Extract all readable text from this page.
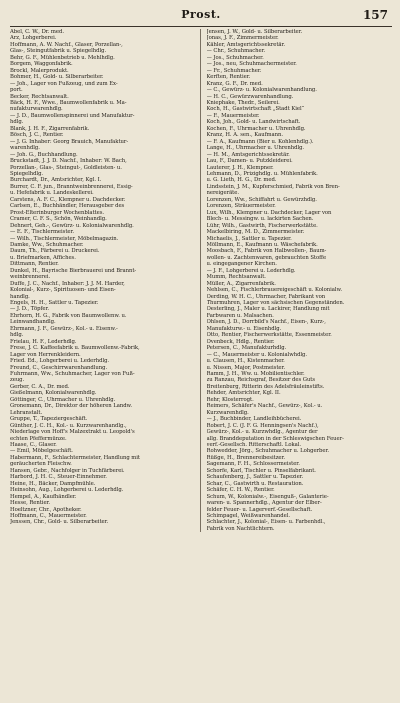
Prost.	157
Abel, C. W., Dr. med.
Arz, Lohgerberei.
Hoffmann, A. W. Nachf., Glaser, Porzellan-,
Glas-, Steingutfabrik u. Spiegelhdlg.
Behr, G. F., Mühlenbetrieb u. Mehlhdlg.
Borgem, Waggonfabrik.
Brockl, Malerprodukt.
Bohmer, H., Gold- u. Silberarbeiter.
— Joh., Lager von Fußzeug, und zum Ex-
port.
Becker, Rechtsanwalt.
Bäck, H. F., Wwe., Baumwollenfabrik u. Ma-
nufakturwarenhdlg.
— J. D., Baumwollenspinnerei und Manufaktur-
hdlg.
Blank, J. H. F., Zigarrenfabrik.
Bösch, J. C., Rentier.
— J. G. Inhaber: Georg Brauich, Manufaktur-
warenhdlg.
— Joh. G., Buchhandlung.
Bruckstadt, J. J. D. Nachf., Inhaber: W. Bach,
Porzellan-, Glas-, Steingut-, Goldleisten- u.
Spiegelhdlg.
Burchardt, Dr., Amtsrichter, Kgl. I.
Burrer, C. F. jun., Branntweinbrennerei, Essig-
u. Hefefabrik u. Landeskellerei.
Carstens, A. F. C., Klempner u. Dachdecker.
Carlsen, E., Buchhändler, Herausgeber des
Prost-Elterinburger Wochenblattes.
Cramer, C. F. S., Schön, Weinhandlg.
Dehnert, Geh.-, Gewürz- u. Kolonialwarenhdlg.
— E. F., Tischlermeister.
— Wilh., Tischlermeister, Möbelmagazin.
Damke, Ww., Schuhmacher.
Daum, Th., Färberei u. Druckerei.
u. Briefmarken, Affiches.
Dittmann, Rentier.
Dunkel, H., Bayrische Bierbrauerei und Brannt-
weinbrennerei.
Duffe, J. C., Nachf., Inhaber: J. J. M. Harder,
Kolonial-, Kurz-, Spirituosen- und Eisen-
handlg.
Engels, H. H., Sattler u. Tapezier.
— J. D., Töpfer.
Ehrhorn, H. G., Fabrik von Baumwollenw. u.
Leinwandhandlg.
Ehrmann, J. F., Gewürz-, Kol.- u. Eisenw.-
hdlg.
Frielau, H. F., Lederhdlg.
Frese, J. C. Kaffeefabrik u. Baumwollenw.-Fabrik,
Lager von Herrenkleidern.
Fried. Ed., Lohgerberei u. Lederhdlg.
Freund, C., Geschirrwarenhandlung.
Fuhrmann, Ww., Schuhmacher, Lager von Fuß-
zeug.
Gerber, C. A., Dr. med.
Gießelmann, Kolonialwarenhdlg.
Göttinger, C., Uhrmacher u. Uhrenhdlg.
Gronemann, Dr., Direktor der höheren Landw.
Lehranstalt.
Gruppe, T., Tapeziergeschäft.
Günther, J. C. H., Kol.- u. Kurzwarenhandlg.,
Niederlage von Hoff's Malzextrakt u. Leopold's
echten Pfeffermünze.
Haase, C., Glaser.
— Emil, Möbelgeschäft.
Habermann, F., Schlachtermeister, Handlung mit
geräucherten Fleischw.
Hansen, Gebr., Nachfolger in Tuchfärberei.
Harbord, J. H. C., Steuer-Einnehmer.
Heine, H., Bäcker, Dampfmühle.
Heinsohn, Aug., Lohgerberei u. Lederhdlg.
Hempel, A., Kaufhändler.
Hesse, Rentier.
Hoeltzner, Chr., Apotheker.
Hoffmann, C., Mauermeister.
Jenssen, Chr., Gold- u. Silberarbeiter.
Jensen, J. W., Gold- u. Silberarbeiter.
Jonas, J. F., Zimmermeister.
Kähler, Amtsgerichtssekretär.
— Chr., Schuhmacher.
— Jos., Schuhmacher.
— Jos., neu, Schuhmachermeister.
— Fr., Schuhmacher.
Kerften, Rentier.
Kranz, G. F., Dr. med.
— C., Gewürz- u. Kolonialwarenhandlung.
— H. C., Gewürzwarenhandlung.
Kniephake, Thedr., Seilerei.
Koch, H., Gastwirtschaft „Stadt Kiel“
— F., Mauermeister.
Koch, Joh., Gold- u. Landwirtschaft.
Kochen, F., Uhrmacher u. Uhrenhdlg.
Kranz, H. A. sen., Kaufmann.
— F. A., Kaufmann (Bier u. Kohlenhdlg.).
Lange, H., Uhrmacher u. Uhrenhdlg.
— H. M., Amtsgerichtssekretär.
Lau, F., Damen- u. Putzkleiderei.
Lauterer, J. H., Klempner.
Lehmann, D., Prizighdlg. u. Mühlenfabrik.
u. G. Lieth, H. G., Dr. med.
Lindsstein, J. M., Kupferschmied, Fabrik von Bren-
nereigeräte.
Lorenzen, Ww., Schiffahrt u. Gewürzhdlg.
Lorenzen, Sträuermeister.
Lux, Wilh., Klempner u. Dachdecker, Lager von
Blech- u. Messingw. u. lackirten Sachen.
Lühr, Wilh., Gastwirth, Fischerwerkstätte.
Mackelbiring, M. D., Zimmermeister.
Michaelis, J., Sattler u. Tapezier.
Möllmann, E., Kaufmann u. Wäschefabrik.
Moosbach, F., Fabrik von Halbwollen-, Baum-
wollen- u. Zachtenwaren, gebrauchten Stoffe
u. eingegangener Kirchen.
— J. F., Lohgerberei u. Lederhdlg.
Mumm, Rechtsanwalt.
Müller, A., Zigarrenfabrik.
Nehlsen, C., Fischlerbrauereigeschäft u. Kolonialw.
Oerding, W. H. C., Uhrmacher, Fabrikant von
Thurmuhren, Lager von sächsischen Gegenständen.
Oesterling, J., Maler u. Lackirer, Handlung mit
Farbwaren u. Malsachen.
Ohlsen, J. D., Dorrbild's Nachf., Eisen-, Kurz-,
Manufakturw.- u. Eisenhdlg.
Otto, Rentier, Fischerwerkstätte, Essenmeister.
Ovenbeck, Hdlg., Rentier.
Petersen, C., Manufakturhdlg.
— C., Mauermeister u. Kolonialwhdlg.
u. Clausen, H., Kistenmacher.
u. Nissen, Major, Postmeister.
Ramm, J. H., Ww. u. Mobilientischler.
zu Ranzau, Reichsgraf, Besitzer des Guts
Breitenburg, Ritterin des Adelsfräuleinstifts.
Rehder, Amtsrichter, Kgl. II.
Rehr, Klosterrogt.
Reimers, Schäfer's Nachf., Gewürz-, Kol.- u.
Kurzwarenhdlg.
— J., Buchbinder, Landleihbücherei.
Robert, J. C. (J. F. G. Henningsen's Nachf.),
Gewürz-, Kol.- u. Kurzwhdlg., Agentur der
allg. Branddeputation in der Schleswigschen Feuer-
verf.-Gesellsch. Ritterschaftl. Lokal.
Rohwedder, Jörg., Schuhmacher u. Lohgerber.
Rüßge, H., Brennereibesitzer.
Sagemann, F. H., Schlossermeister.
Schorfe, Karl, Tischler u. Pinselfabrikant.
Schaufenberg, J., Sattler u. Tapezier.
Schar, C., Gastwirth u. Restauration.
Schäfer, C. H. W., Rentier.
Schum, W., Kolonialw.-, Eisenguß-, Galanterie-
waren- u. Spannerhdlg., Agentur der Elber-
felder Feuer- u. Lagerverf.-Gesellschaft.
Schimpagel, Weißwarenhandel.
Schlachter, J., Kolonial-, Eisen- u. Farbenhdl.,
Fabrik von Nachtlichtern.
